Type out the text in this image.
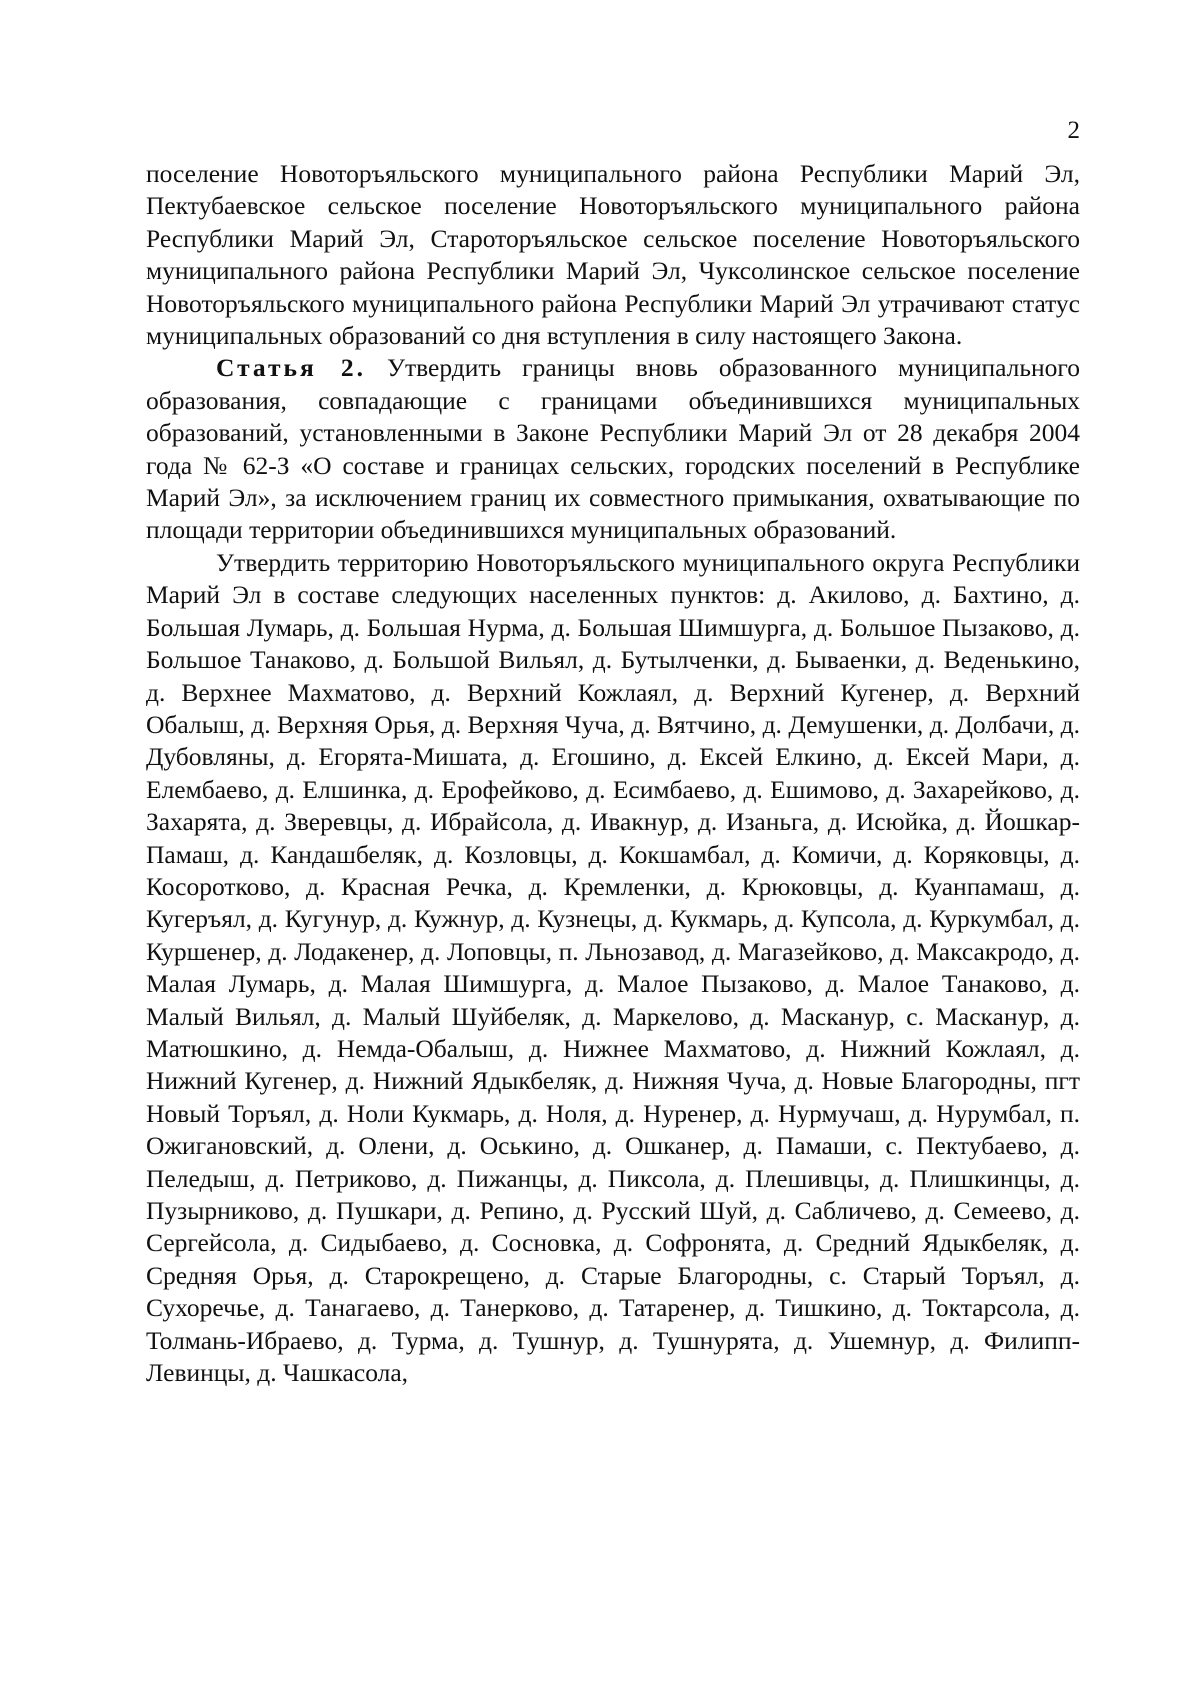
2

поселение Новоторъяльского муниципального района Республики Марий Эл, Пектубаевское сельское поселение Новоторъяльского муниципального района Республики Марий Эл, Староторъяльское сельское поселение Новоторъяльского муниципального района Республики Марий Эл, Чуксолинское сельское поселение Новоторъяльского муниципального района Республики Марий Эл утрачивают статус муниципальных образований со дня вступления в силу настоящего Закона.

Статья 2. Утвердить границы вновь образованного муниципального образования, совпадающие с границами объединившихся муниципальных образований, установленными в Законе Республики Марий Эл от 28 декабря 2004 года № 62-З «О составе и границах сельских, городских поселений в Республике Марий Эл», за исключением границ их совместного примыкания, охватывающие по площади территории объединившихся муниципальных образований.

Утвердить территорию Новоторъяльского муниципального округа Республики Марий Эл в составе следующих населенных пунктов: д. Акилово, д. Бахтино, д. Большая Лумарь, д. Большая Нурма, д. Большая Шимшурга, д. Большое Пызаково, д. Большое Танаково, д. Большой Вильял, д. Бутылченки, д. Бываенки, д. Веденькино, д. Верхнее Махматово, д. Верхний Кожлаял, д. Верхний Кугенер, д. Верхний Обалыш, д. Верхняя Орья, д. Верхняя Чуча, д. Вятчино, д. Демушенки, д. Долбачи, д. Дубовляны, д. Егорята-Мишата, д. Егошино, д. Ексей Елкино, д. Ексей Мари, д. Елембаево, д. Елшинка, д. Ерофейково, д. Есимбаево, д. Ешимово, д. Захарейково, д. Захарята, д. Зверевцы, д. Ибрайсола, д. Ивакнур, д. Изаньга, д. Исюйка, д. Йошкар-Памаш, д. Кандашбеляк, д. Козловцы, д. Кокшамбал, д. Комичи, д. Коряковцы, д. Косоротково, д. Красная Речка, д. Кремленки, д. Крюковцы, д. Куанпамаш, д. Кугеръял, д. Кугунур, д. Кужнур, д. Кузнецы, д. Кукмарь, д. Купсола, д. Куркумбал, д. Куршенер, д. Лодакенер, д. Лоповцы, п. Льнозавод, д. Магазейково, д. Максакродо, д. Малая Лумарь, д. Малая Шимшурга, д. Малое Пызаково, д. Малое Танаково, д. Малый Вильял, д. Малый Шуйбеляк, д. Маркелово, д. Масканур, с. Масканур, д. Матюшкино, д. Немда-Обалыш, д. Нижнее Махматово, д. Нижний Кожлаял, д. Нижний Кугенер, д. Нижний Ядыкбеляк, д. Нижняя Чуча, д. Новые Благородны, пгт Новый Торъял, д. Ноли Кукмарь, д. Ноля, д. Нуренер, д. Нурмучаш, д. Нурумбал, п. Ожигановский, д. Олени, д. Оськино, д. Ошканер, д. Памаши, с. Пектубаево, д. Пеледыш, д. Петриково, д. Пижанцы, д. Пиксола, д. Плешивцы, д. Плишкинцы, д. Пузырниково, д. Пушкари, д. Репино, д. Русский Шуй, д. Сабличево, д. Семеево, д. Сергейсола, д. Сидыбаево, д. Сосновка, д. Софронята, д. Средний Ядыкбеляк, д. Средняя Орья, д. Старокрещено, д. Старые Благородны, с. Старый Торъял, д. Сухоречье, д. Танагаево, д. Танерково, д. Татаренер, д. Тишкино, д. Токтарсола, д. Толмань-Ибраево, д. Турма, д. Тушнур, д. Тушнурята, д. Ушемнур, д. Филипп-Левинцы, д. Чашкасола,
